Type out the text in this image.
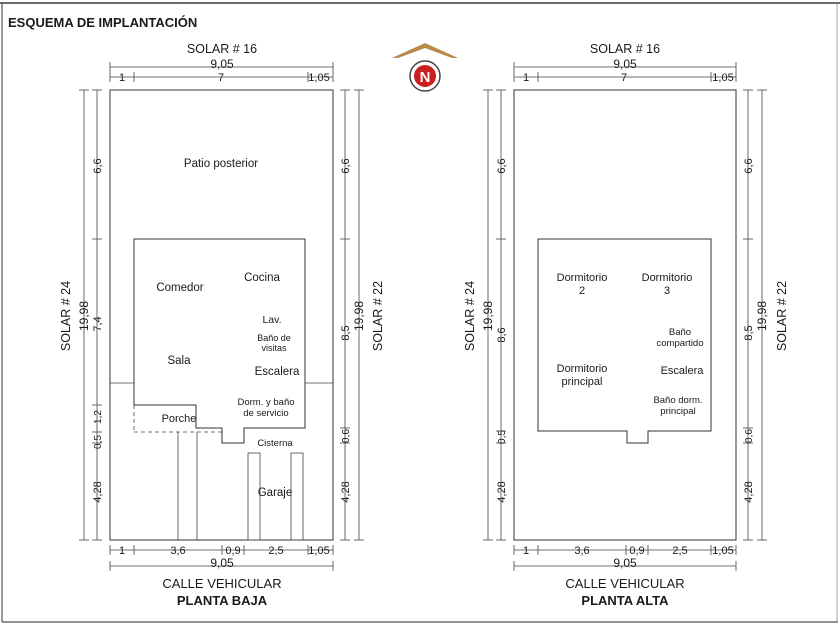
ESQUEMA DE IMPLANTACIÓN
N
SOLAR # 16
9,05
1	7	1,05
Patio posterior
Comedor
Cocina
Lav.
Baño de
visitas
Sala
Escalera
Dorm. y baño
de servicio
Porche
Cisterna
Garaje
SOLAR # 24 19,98
6,6
7,4
0,5
1,2
4,28
6,6
8,5
0,6
4,28
19,98 SOLAR # 22
1	3,6	0,9	2,5 1,05
9,05
CALLE VEHICULAR
PLANTA BAJA
SOLAR # 16
9,05
1	7	1,05
Dormitorio
2
Dormitorio
3
Baño
compartido
Dormitorio
principal
Escalera
Baño dorm.
principal
SOLAR # 24 19,98
6,6
8,6
0,5
4,28
6,6
8,5
0,6
4,28
19,98 SOLAR # 22
1	3,6	0,9	2,5 1,05
9,05
CALLE VEHICULAR
PLANTA ALTA
